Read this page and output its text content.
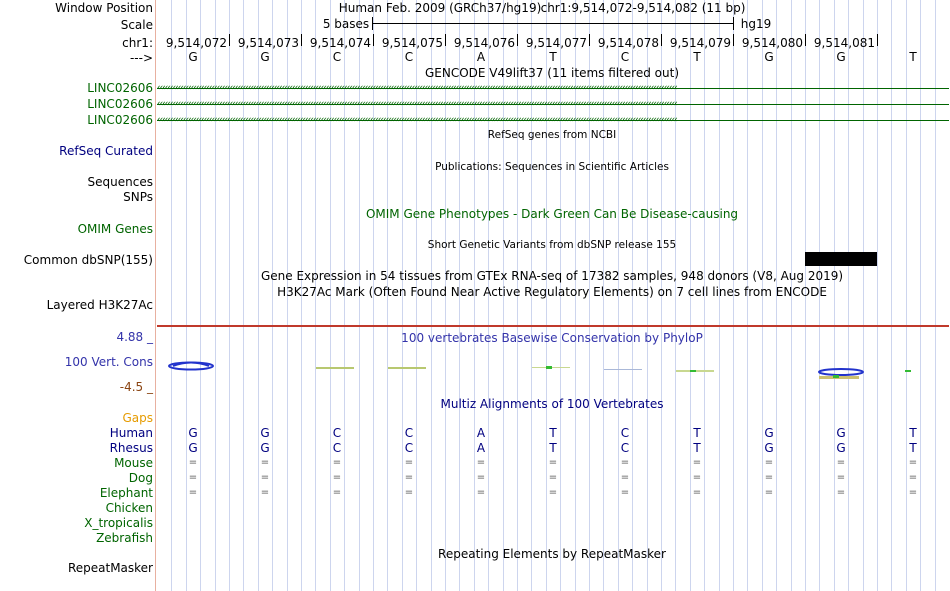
Window Position	Human Feb. 2009 (GRCh37/hg19) chr1:9,514,072-9,514,082 (11 bp)
Scale	5 bases	hg19
chr1: 9,514,072 9,514,073 9,514,074 9,514,075 9,514,076 9,514,077 9,514,078 9,514,079 9,514,080 9,514,081
--->	G	G	C	C	A	T	C	T	G	G	T
GENCODE V49lift37 (11 items filtered out)
LINC02606 ‹‹‹‹‹‹‹‹‹‹‹‹‹‹‹‹‹‹‹‹‹‹‹‹‹‹‹‹‹‹‹‹‹‹‹‹‹‹‹‹‹‹‹‹‹‹‹‹‹‹‹‹‹‹‹‹‹‹‹‹‹‹‹‹‹‹‹‹‹‹‹‹‹‹‹‹‹‹‹‹‹‹‹‹‹‹‹‹‹‹‹‹‹‹‹‹‹‹‹‹‹‹‹‹‹‹‹‹‹‹‹‹‹‹‹‹‹‹‹‹‹‹‹‹‹‹‹‹‹‹‹‹‹‹‹‹‹‹‹‹‹‹‹‹‹‹‹‹‹‹‹‹‹‹‹‹‹‹‹‹‹‹‹‹‹‹‹‹‹‹‹‹‹‹‹‹‹‹‹‹‹‹‹‹‹‹‹‹‹‹‹‹‹‹‹‹‹‹‹‹
LINC02606 ‹‹‹‹‹‹‹‹‹‹‹‹‹‹‹‹‹‹‹‹‹‹‹‹‹‹‹‹‹‹‹‹‹‹‹‹‹‹‹‹‹‹‹‹‹‹‹‹‹‹‹‹‹‹‹‹‹‹‹‹‹‹‹‹‹‹‹‹‹‹‹‹‹‹‹‹‹‹‹‹‹‹‹‹‹‹‹‹‹‹‹‹‹‹‹‹‹‹‹‹‹‹‹‹‹‹‹‹‹‹‹‹‹‹‹‹‹‹‹‹‹‹‹‹‹‹‹‹‹‹‹‹‹‹‹‹‹‹‹‹‹‹‹‹‹‹‹‹‹‹‹‹‹‹‹‹‹‹‹‹‹‹‹‹‹‹‹‹‹‹‹‹‹‹‹‹‹‹‹‹‹‹‹‹‹‹‹‹‹‹‹‹‹‹‹‹‹‹‹‹
LINC02606 ‹‹‹‹‹‹‹‹‹‹‹‹‹‹‹‹‹‹‹‹‹‹‹‹‹‹‹‹‹‹‹‹‹‹‹‹‹‹‹‹‹‹‹‹‹‹‹‹‹‹‹‹‹‹‹‹‹‹‹‹‹‹‹‹‹‹‹‹‹‹‹‹‹‹‹‹‹‹‹‹‹‹‹‹‹‹‹‹‹‹‹‹‹‹‹‹‹‹‹‹‹‹‹‹‹‹‹‹‹‹‹‹‹‹‹‹‹‹‹‹‹‹‹‹‹‹‹‹‹‹‹‹‹‹‹‹‹‹‹‹‹‹‹‹‹‹‹‹‹‹‹‹‹‹‹‹‹‹‹‹‹‹‹‹‹‹‹‹‹‹‹‹‹‹‹‹‹‹‹‹‹‹‹‹‹‹‹‹‹‹‹‹‹‹‹‹‹‹‹‹
RefSeq genes from NCBI
RefSeq Curated
Publications: Sequences in Scientific Articles
Sequences
SNPs
OMIM Gene Phenotypes - Dark Green Can Be Disease-causing
OMIM Genes
Short Genetic Variants from dbSNP release 155
Common dbSNP(155)
Gene Expression in 54 tissues from GTEx RNA-seq of 17382 samples, 948 donors (V8, Aug 2019)
H3K27Ac Mark (Often Found Near Active Regulatory Elements) on 7 cell lines from ENCODE
Layered H3K27Ac
100 vertebrates Basewise Conservation by PhyloP
4.88 _
100 Vert. Cons
-4.5 _
Multiz Alignments of 100 Vertebrates
Gaps
Human	G	G	C	C	A	T	C	T	G	G	T
Rhesus	G	G	C	C	A	T	C	T	G	G	T
Mouse	=	=	=	=	=	=	=	=	=	=	=
Dog	=	=	=	=	=	=	=	=	=	=	=
Elephant	=	=	=	=	=	=	=	=	=	=	=
Chicken
X_tropicalis
Zebrafish
Repeating Elements by RepeatMasker
RepeatMasker
